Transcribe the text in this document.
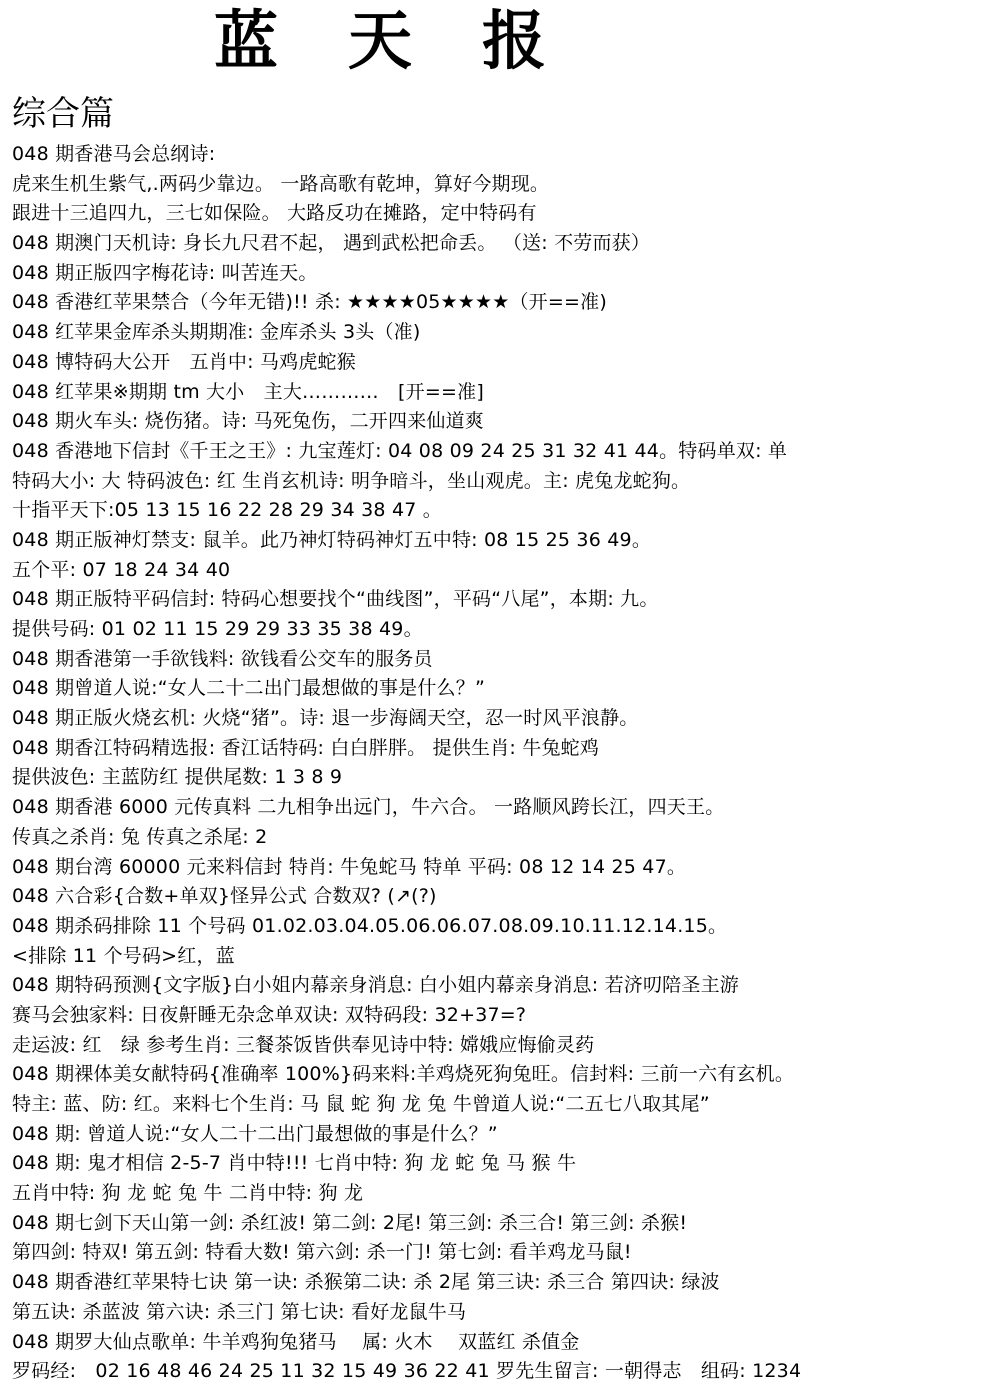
蓝天报
综合篇
048 期香港马会总纲诗:
虎来生机生紫气,.两码少靠边。 一路高歌有乾坤，算好今期现。
跟进十三追四九，三七如保险。 大路反功在摊路，定中特码有
048 期澳门天机诗: 身长九尺君不起， 遇到武松把命丢。 （送: 不劳而获）
048 期正版四字梅花诗: 叫苦连天。
048 香港红苹果禁合（今年无错)!! 杀: ★★★★05★★★★（开==准)
048 红苹果金库杀头期期准: 金库杀头 3头（准)
048 博特码大公开　五肖中: 马鸡虎蛇猴
048 红苹果※期期 tm 大小　主大…………　[开==准]
048 期火车头: 烧伤猪。诗: 马死兔伤，二开四来仙道爽
048 香港地下信封《千王之王》: 九宝莲灯: 04 08 09 24 25 31 32 41 44。特码单双: 单
特码大小: 大 特码波色: 红 生肖玄机诗: 明争暗斗，坐山观虎。主: 虎兔龙蛇狗。
十指平天下:05 13 15 16 22 28 29 34 38 47 。
048 期正版神灯禁支: 鼠羊。此乃神灯特码神灯五中特: 08 15 25 36 49。
五个平: 07 18 24 34 40
048 期正版特平码信封: 特码心想要找个“曲线图”，平码“八尾”，本期: 九。
提供号码: 01 02 11 15 29 29 33 35 38 49。
048 期香港第一手欲钱料: 欲钱看公交车的服务员
048 期曾道人说:“女人二十二出门最想做的事是什么？”
048 期正版火烧玄机: 火烧“猪”。诗: 退一步海阔天空，忍一时风平浪静。
048 期香江特码精选报: 香江话特码: 白白胖胖。 提供生肖: 牛兔蛇鸡
提供波色: 主蓝防红 提供尾数: 1 3 8 9
048 期香港 6000 元传真料 二九相争出远门，牛六合。 一路顺风跨长江，四天王。
传真之杀肖: 兔 传真之杀尾: 2
048 期台湾 60000 元来料信封 特肖: 牛兔蛇马 特单 平码: 08 12 14 25 47。
048 六合彩{合数+单双}怪异公式 合数双? (↗(?)
048 期杀码排除 11 个号码 01.02.03.04.05.06.06.07.08.09.10.11.12.14.15。
<排除 11 个号码>红，蓝
048 期特码预测{文字版}白小姐内幕亲身消息: 白小姐内幕亲身消息: 若济叨陪圣主游
赛马会独家料: 日夜鼾睡无杂念单双诀: 双特码段: 32+37=?
走运波: 红　绿 参考生肖: 三餐茶饭皆供奉见诗中特: 嫦娥应悔偷灵药
048 期裸体美女献特码{准确率 100%}码来料:羊鸡烧死狗兔旺。信封料: 三前一六有玄机。
特主: 蓝、防: 红。来料七个生肖: 马 鼠 蛇 狗 龙 兔 牛曾道人说:“二五七八取其尾”
048 期: 曾道人说:“女人二十二出门最想做的事是什么？”
048 期: 鬼才相信 2-5-7 肖中特!!! 七肖中特: 狗 龙 蛇 兔 马 猴 牛
五肖中特: 狗 龙 蛇 兔 牛 二肖中特: 狗 龙
048 期七剑下天山第一剑: 杀红波! 第二剑: 2尾! 第三剑: 杀三合! 第三剑: 杀猴!
第四剑: 特双! 第五剑: 特看大数! 第六剑: 杀一门! 第七剑: 看羊鸡龙马鼠!
048 期香港红苹果特七诀 第一诀: 杀猴第二诀: 杀 2尾 第三诀: 杀三合 第四诀: 绿波
第五诀: 杀蓝波 第六诀: 杀三门 第七诀: 看好龙鼠牛马
048 期罗大仙点歌单: 牛羊鸡狗兔猪马　 属: 火木　 双蓝红 杀值金
罗码经:　02 16 48 46 24 25 11 32 15 49 36 22 41 罗先生留言: 一朝得志　组码: 1234
